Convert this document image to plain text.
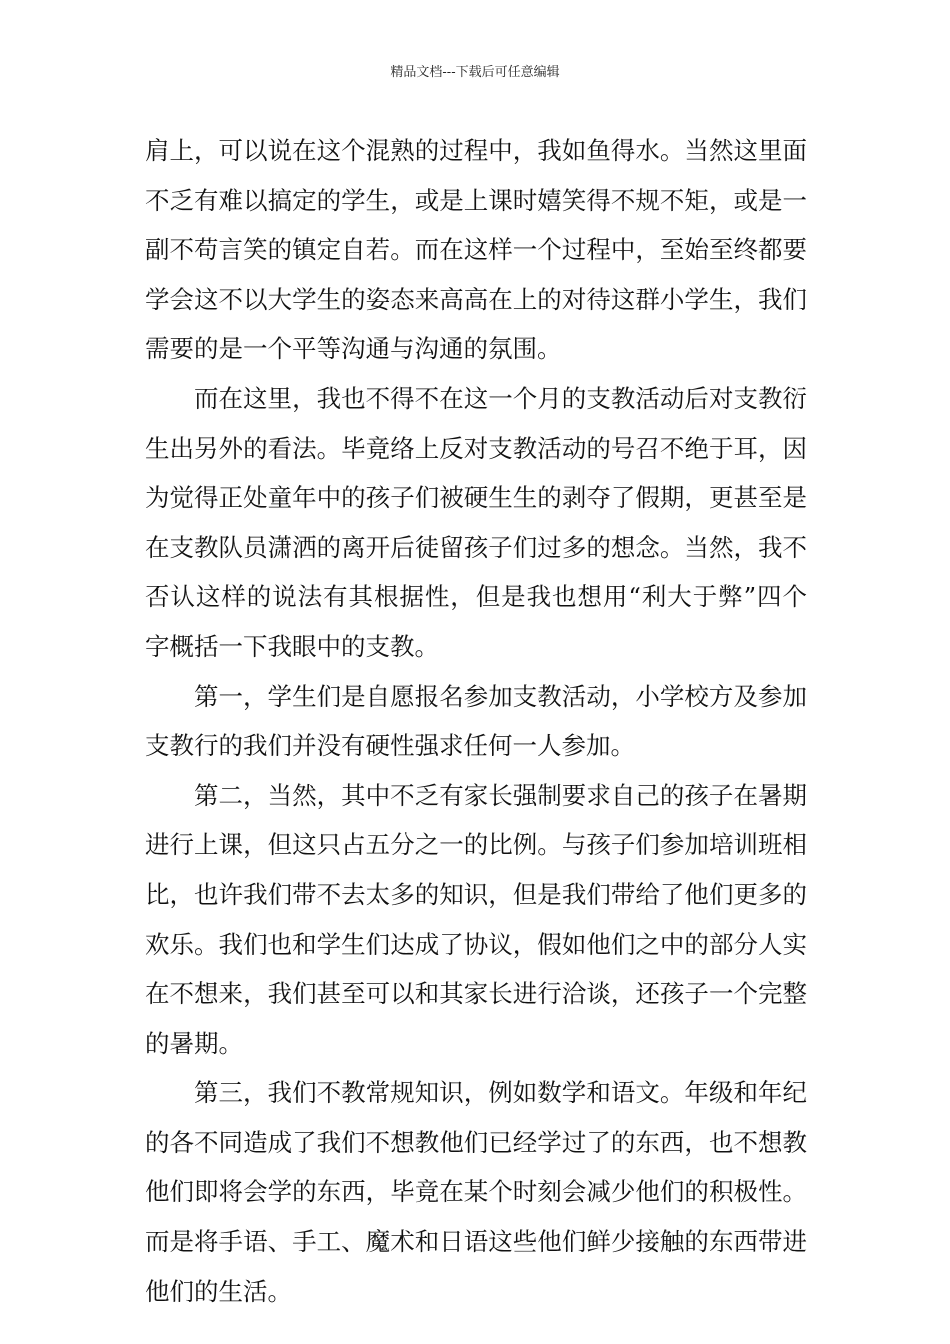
精品文档---下载后可任意编辑

肩上，可以说在这个混熟的过程中，我如鱼得水。当然这里面不乏有难以搞定的学生，或是上课时嬉笑得不规不矩，或是一副不苟言笑的镇定自若。而在这样一个过程中，至始至终都要学会这不以大学生的姿态来高高在上的对待这群小学生，我们需要的是一个平等沟通与沟通的氛围。

而在这里，我也不得不在这一个月的支教活动后对支教衍生出另外的看法。毕竟络上反对支教活动的号召不绝于耳，因为觉得正处童年中的孩子们被硬生生的剥夺了假期，更甚至是在支教队员潇洒的离开后徒留孩子们过多的想念。当然，我不否认这样的说法有其根据性，但是我也想用“利大于弊”四个字概括一下我眼中的支教。

第一，学生们是自愿报名参加支教活动，小学校方及参加支教行的我们并没有硬性强求任何一人参加。

第二，当然，其中不乏有家长强制要求自己的孩子在暑期进行上课，但这只占五分之一的比例。与孩子们参加培训班相比，也许我们带不去太多的知识，但是我们带给了他们更多的欢乐。我们也和学生们达成了协议，假如他们之中的部分人实在不想来，我们甚至可以和其家长进行洽谈，还孩子一个完整的暑期。

第三，我们不教常规知识，例如数学和语文。年级和年纪的各不同造成了我们不想教他们已经学过了的东西，也不想教他们即将会学的东西，毕竟在某个时刻会减少他们的积极性。而是将手语、手工、魔术和日语这些他们鲜少接触的东西带进他们的生活。
